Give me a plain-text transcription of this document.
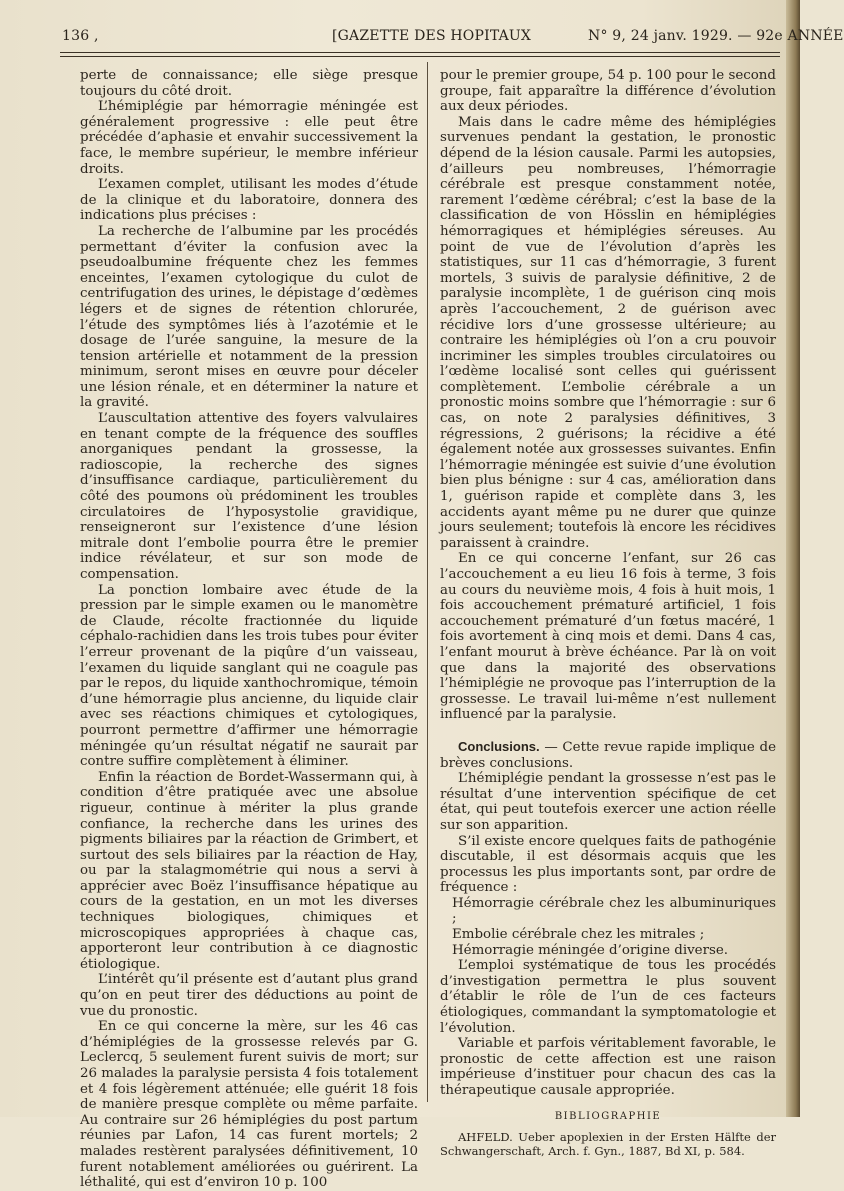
136 ,	[GAZETTE DES HOPITAUX	N° 9, 24 janv. 1929. — 92e ANNÉE

perte de connaissance; elle siège presque toujours du côté droit.

L’hémiplégie par hémorragie méningée est généralement progressive : elle peut être précédée d’aphasie et envahir successivement la face, le membre supérieur, le membre inférieur droits.

L’examen complet, utilisant les modes d’étude de la clinique et du laboratoire, donnera des indications plus précises :

La recherche de l’albumine par les procédés permettant d’éviter la confusion avec la pseudoalbumine fréquente chez les femmes enceintes, l’examen cytologique du culot de centrifugation des urines, le dépistage d’œdèmes légers et de signes de rétention chlorurée, l’étude des symptômes liés à l’azotémie et le dosage de l’urée sanguine, la mesure de la tension artérielle et notamment de la pression minimum, seront mises en œuvre pour déceler une lésion rénale, et en déterminer la nature et la gravité.

L’auscultation attentive des foyers valvulaires en tenant compte de la fréquence des souffles anorganiques pendant la grossesse, la radioscopie, la recherche des signes d’insuffisance cardiaque, particulièrement du côté des poumons où prédominent les troubles circulatoires de l’hyposystolie gravidique, renseigneront sur l’existence d’une lésion mitrale dont l’embolie pourra être le premier indice révélateur, et sur son mode de compensation.

La ponction lombaire avec étude de la pression par le simple examen ou le manomètre de Claude, récolte fractionnée du liquide céphalo-rachidien dans les trois tubes pour éviter l’erreur provenant de la piqûre d’un vaisseau, l’examen du liquide sanglant qui ne coagule pas par le repos, du liquide xanthochromique, témoin d’une hémorragie plus ancienne, du liquide clair avec ses réactions chimiques et cytologiques, pourront permettre d’affirmer une hémorragie méningée qu’un résultat négatif ne saurait par contre suffire complètement à éliminer.

Enfin la réaction de Bordet-Wassermann qui, à condition d’être pratiquée avec une absolue rigueur, continue à mériter la plus grande confiance, la recherche dans les urines des pigments biliaires par la réaction de Grimbert, et surtout des sels biliaires par la réaction de Hay, ou par la stalagmométrie qui nous a servi à apprécier avec Boëz l’insuffisance hépatique au cours de la gestation, en un mot les diverses techniques biologiques, chimiques et microscopiques appropriées à chaque cas, apporteront leur contribution à ce diagnostic étiologique.

L’intérêt qu’il présente est d’autant plus grand qu’on en peut tirer des déductions au point de vue du pronostic.

En ce qui concerne la mère, sur les 46 cas d’hémiplégies de la grossesse relevés par G. Leclercq, 5 seulement furent suivis de mort; sur 26 malades la paralysie persista 4 fois totalement et 4 fois légèrement atténuée; elle guérit 18 fois de manière presque complète ou même parfaite. Au contraire sur 26 hémiplégies du post partum réunies par Lafon, 14 cas furent mortels; 2 malades restèrent paralysées définitivement, 10 furent notablement améliorées ou guérirent. La léthalité, qui est d’environ 10 p. 100

pour le premier groupe, 54 p. 100 pour le second groupe, fait apparaître la différence d’évolution aux deux périodes.

Mais dans le cadre même des hémiplégies survenues pendant la gestation, le pronostic dépend de la lésion causale. Parmi les autopsies, d’ailleurs peu nombreuses, l’hémorragie cérébrale est presque constamment notée, rarement l’œdème cérébral; c’est la base de la classification de von Hösslin en hémiplégies hémorragiques et hémiplégies séreuses. Au point de vue de l’évolution d’après les statistiques, sur 11 cas d’hémorragie, 3 furent mortels, 3 suivis de paralysie définitive, 2 de paralysie incomplète, 1 de guérison cinq mois après l’accouchement, 2 de guérison avec récidive lors d’une grossesse ultérieure; au contraire les hémiplégies où l’on a cru pouvoir incriminer les simples troubles circulatoires ou l’œdème localisé sont celles qui guérissent complètement. L’embolie cérébrale a un pronostic moins sombre que l’hémorragie : sur 6 cas, on note 2 paralysies définitives, 3 régressions, 2 guérisons; la récidive a été également notée aux grossesses suivantes. Enfin l’hémorragie méningée est suivie d’une évolution bien plus bénigne : sur 4 cas, amélioration dans 1, guérison rapide et complète dans 3, les accidents ayant même pu ne durer que quinze jours seulement; toutefois là encore les récidives paraissent à craindre.

En ce qui concerne l’enfant, sur 26 cas l’accouchement a eu lieu 16 fois à terme, 3 fois au cours du neuvième mois, 4 fois à huit mois, 1 fois accouchement prématuré artificiel, 1 fois accouchement prématuré d’un fœtus macéré, 1 fois avortement à cinq mois et demi. Dans 4 cas, l’enfant mourut à brève échéance. Par là on voit que dans la majorité des observations l’hémiplégie ne provoque pas l’interruption de la grossesse. Le travail lui-même n’est nullement influencé par la paralysie.

Conclusions. — Cette revue rapide implique de brèves conclusions.

L’hémiplégie pendant la grossesse n’est pas le résultat d’une intervention spécifique de cet état, qui peut toutefois exercer une action réelle sur son apparition.

S’il existe encore quelques faits de pathogénie discutable, il est désormais acquis que les processus les plus importants sont, par ordre de fréquence :

Hémorragie cérébrale chez les albuminuriques ;

Embolie cérébrale chez les mitrales ;

Hémorragie méningée d’origine diverse.

L’emploi systématique de tous les procédés d’investigation permettra le plus souvent d’établir le rôle de l’un de ces facteurs étiologiques, commandant la symptomatologie et l’évolution.

Variable et parfois véritablement favorable, le pronostic de cette affection est une raison impérieuse d’instituer pour chacun des cas la thérapeutique causale appropriée.

BIBLIOGRAPHIE

AHFELD. Ueber apoplexien in der Ersten Hälfte der Schwangerschaft, Arch. f. Gyn., 1887, Bd XI, p. 584.
